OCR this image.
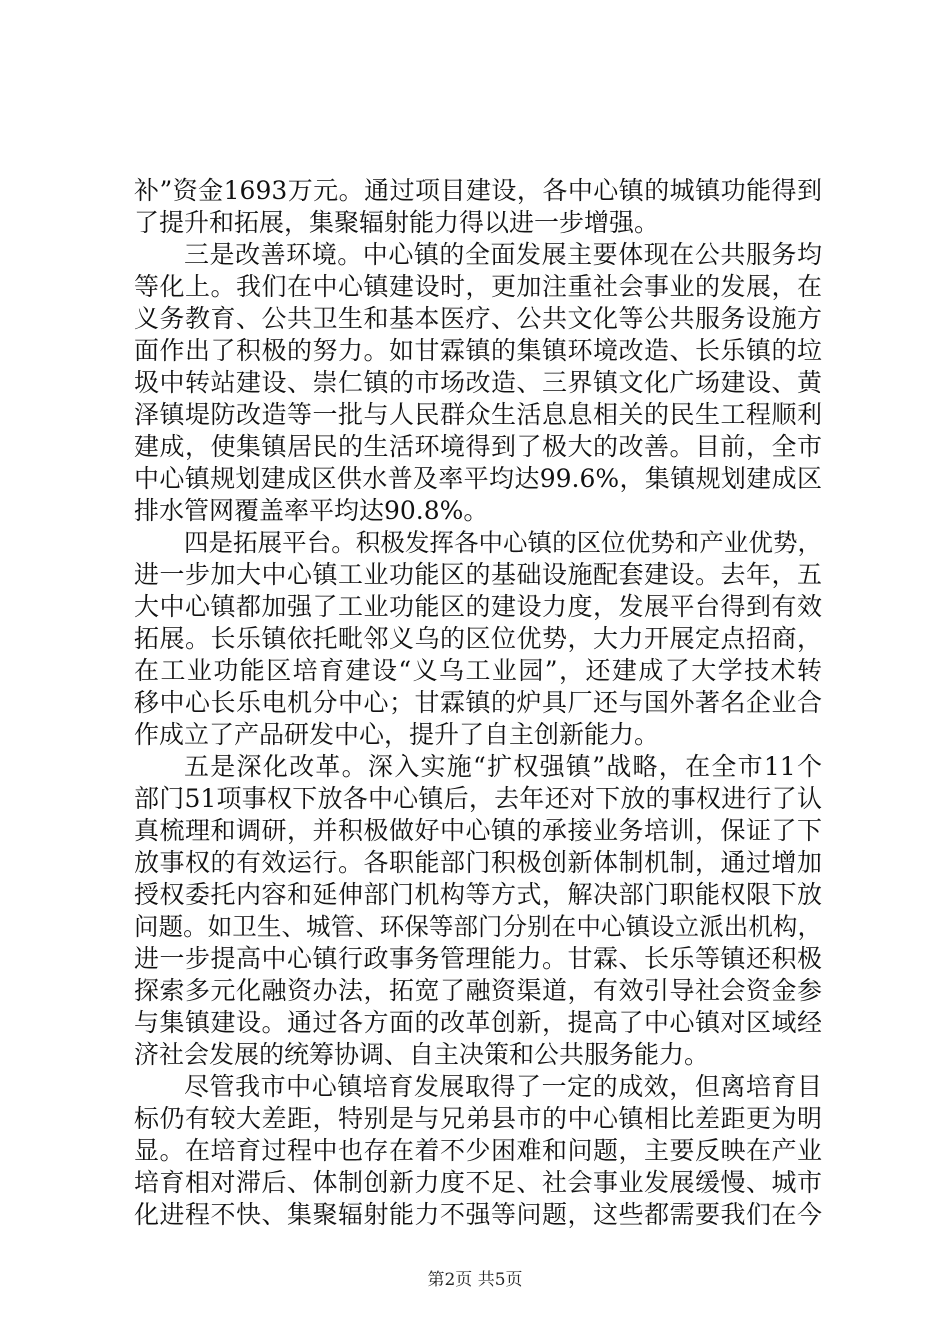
补”资金1693万元。通过项目建设，各中心镇的城镇功能得到
了提升和拓展，集聚辐射能力得以进一步增强。
三是改善环境。中心镇的全面发展主要体现在公共服务均
等化上。我们在中心镇建设时，更加注重社会事业的发展，在
义务教育、公共卫生和基本医疗、公共文化等公共服务设施方
面作出了积极的努力。如甘霖镇的集镇环境改造、长乐镇的垃
圾中转站建设、崇仁镇的市场改造、三界镇文化广场建设、黄
泽镇堤防改造等一批与人民群众生活息息相关的民生工程顺利
建成，使集镇居民的生活环境得到了极大的改善。目前，全市
中心镇规划建成区供水普及率平均达99.6%，集镇规划建成区
排水管网覆盖率平均达90.8%。
四是拓展平台。积极发挥各中心镇的区位优势和产业优势，
进一步加大中心镇工业功能区的基础设施配套建设。去年，五
大中心镇都加强了工业功能区的建设力度，发展平台得到有效
拓展。长乐镇依托毗邻义乌的区位优势，大力开展定点招商，
在工业功能区培育建设“义乌工业园”，还建成了大学技术转
移中心长乐电机分中心；甘霖镇的炉具厂还与国外著名企业合
作成立了产品研发中心，提升了自主创新能力。
五是深化改革。深入实施“扩权强镇”战略，在全市11个
部门51项事权下放各中心镇后，去年还对下放的事权进行了认
真梳理和调研，并积极做好中心镇的承接业务培训，保证了下
放事权的有效运行。各职能部门积极创新体制机制，通过增加
授权委托内容和延伸部门机构等方式，解决部门职能权限下放
问题。如卫生、城管、环保等部门分别在中心镇设立派出机构，
进一步提高中心镇行政事务管理能力。甘霖、长乐等镇还积极
探索多元化融资办法，拓宽了融资渠道，有效引导社会资金参
与集镇建设。通过各方面的改革创新，提高了中心镇对区域经
济社会发展的统筹协调、自主决策和公共服务能力。
尽管我市中心镇培育发展取得了一定的成效，但离培育目
标仍有较大差距，特别是与兄弟县市的中心镇相比差距更为明
显。在培育过程中也存在着不少困难和问题，主要反映在产业
培育相对滞后、体制创新力度不足、社会事业发展缓慢、城市
化进程不快、集聚辐射能力不强等问题，这些都需要我们在今
第2页 共5页
